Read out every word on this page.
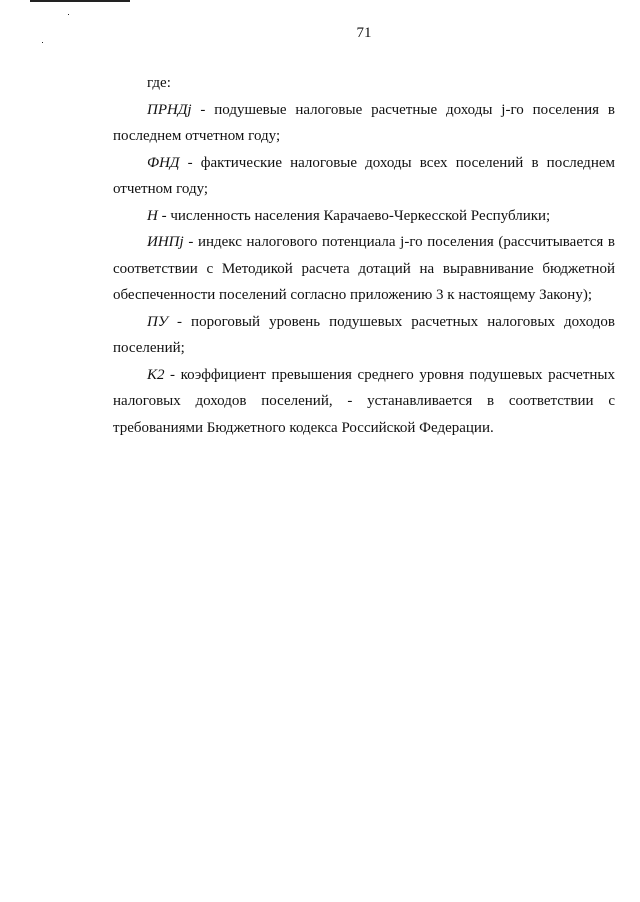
71

где:

ПРНДj - подушевые налоговые расчетные доходы j-го поселения в последнем отчетном году;

ФНД - фактические налоговые доходы всех поселений в последнем отчетном году;

Н - численность населения Карачаево-Черкесской Республики;

ИНПj - индекс налогового потенциала j-го поселения (рассчитывается в соответствии с Методикой расчета дотаций на выравнивание бюджетной обеспеченности поселений согласно приложению 3 к настоящему Закону);

ПУ - пороговый уровень подушевых расчетных налоговых доходов поселений;

К2 - коэффициент превышения среднего уровня подушевых расчетных налоговых доходов поселений, - устанавливается в соответствии с требованиями Бюджетного кодекса Российской Федерации.
